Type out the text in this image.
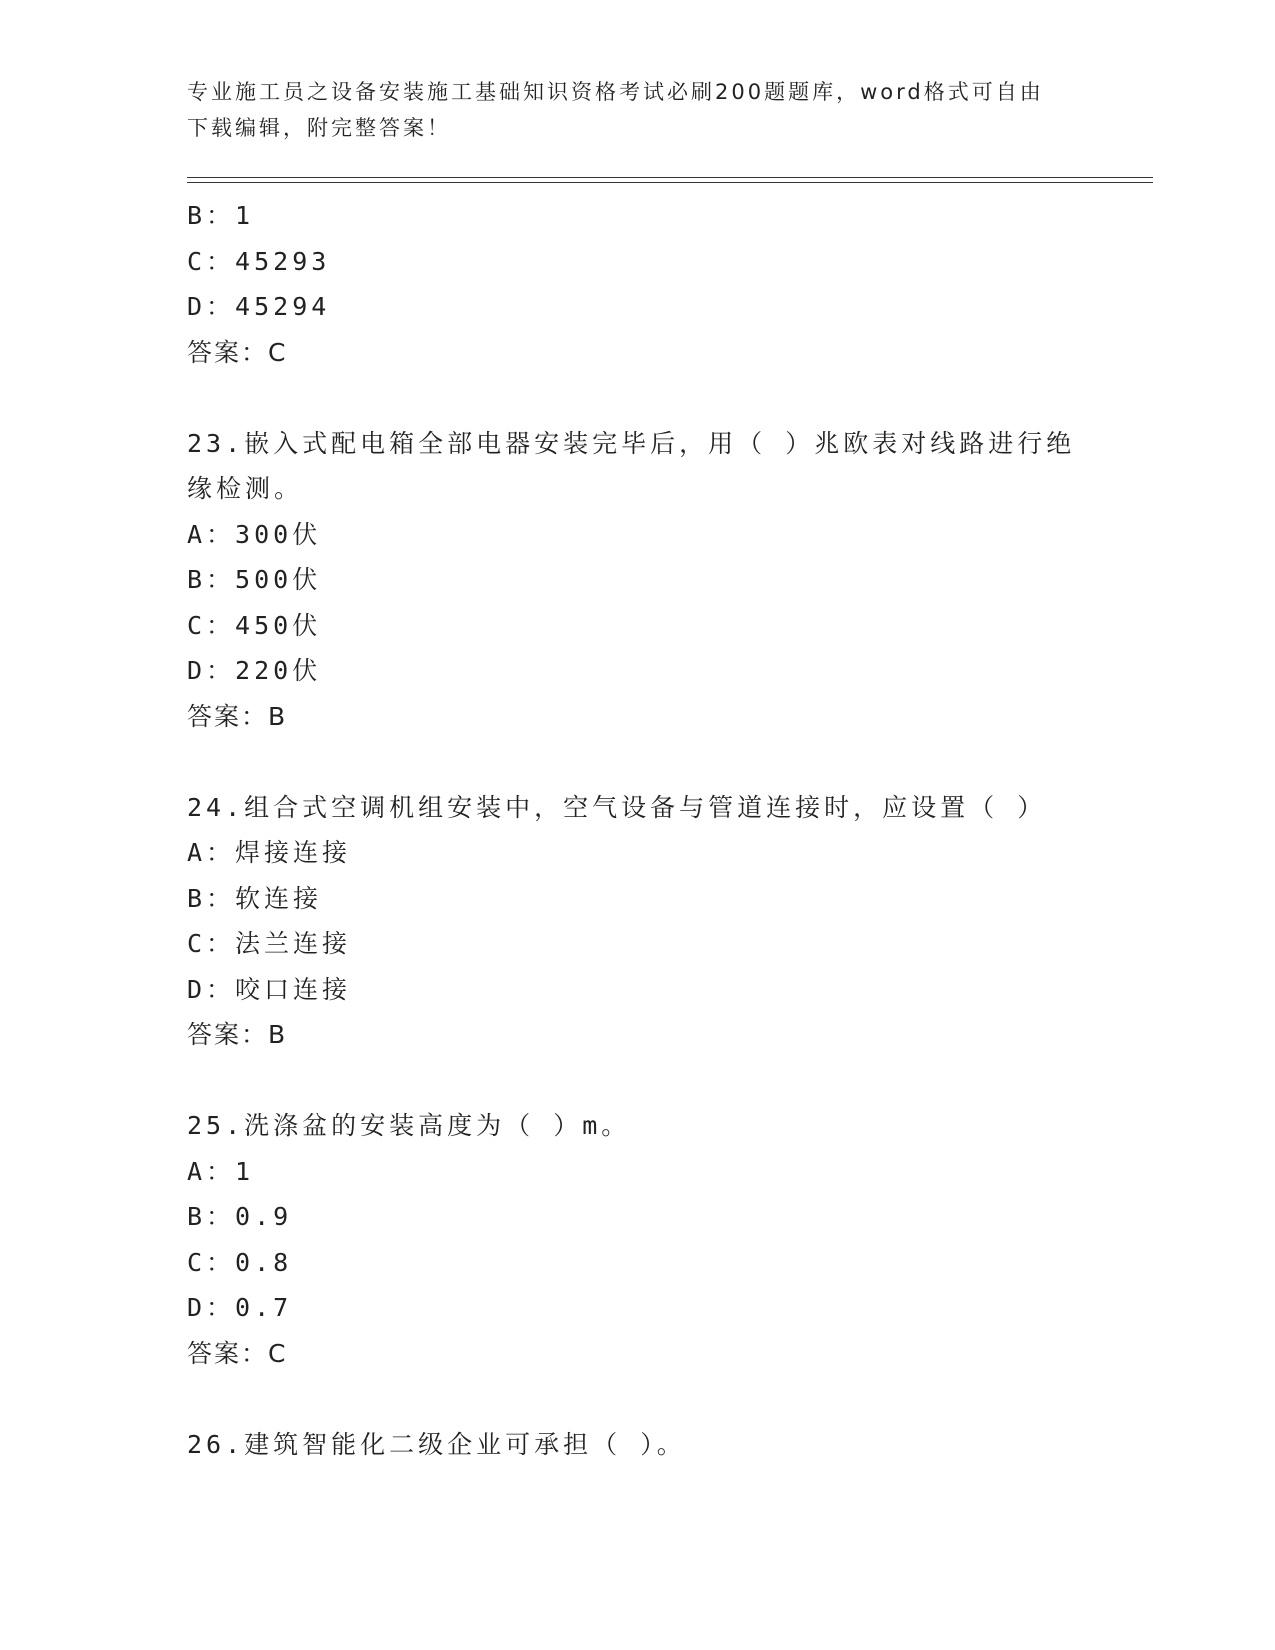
专业施工员之设备安装施工基础知识资格考试必刷200题题库，word格式可自由
下载编辑，附完整答案！
B：1
C：45293
D：45294
答案：C
23.嵌入式配电箱全部电器安装完毕后，用（ ）兆欧表对线路进行绝
缘检测。
A：300伏
B：500伏
C：450伏
D：220伏
答案：B
24.组合式空调机组安装中，空气设备与管道连接时，应设置（ ）
A：焊接连接
B：软连接
C：法兰连接
D：咬口连接
答案：B
25.洗涤盆的安装高度为（ ）m。
A：1
B：0.9
C：0.8
D：0.7
答案：C
26.建筑智能化二级企业可承担（ ）。
